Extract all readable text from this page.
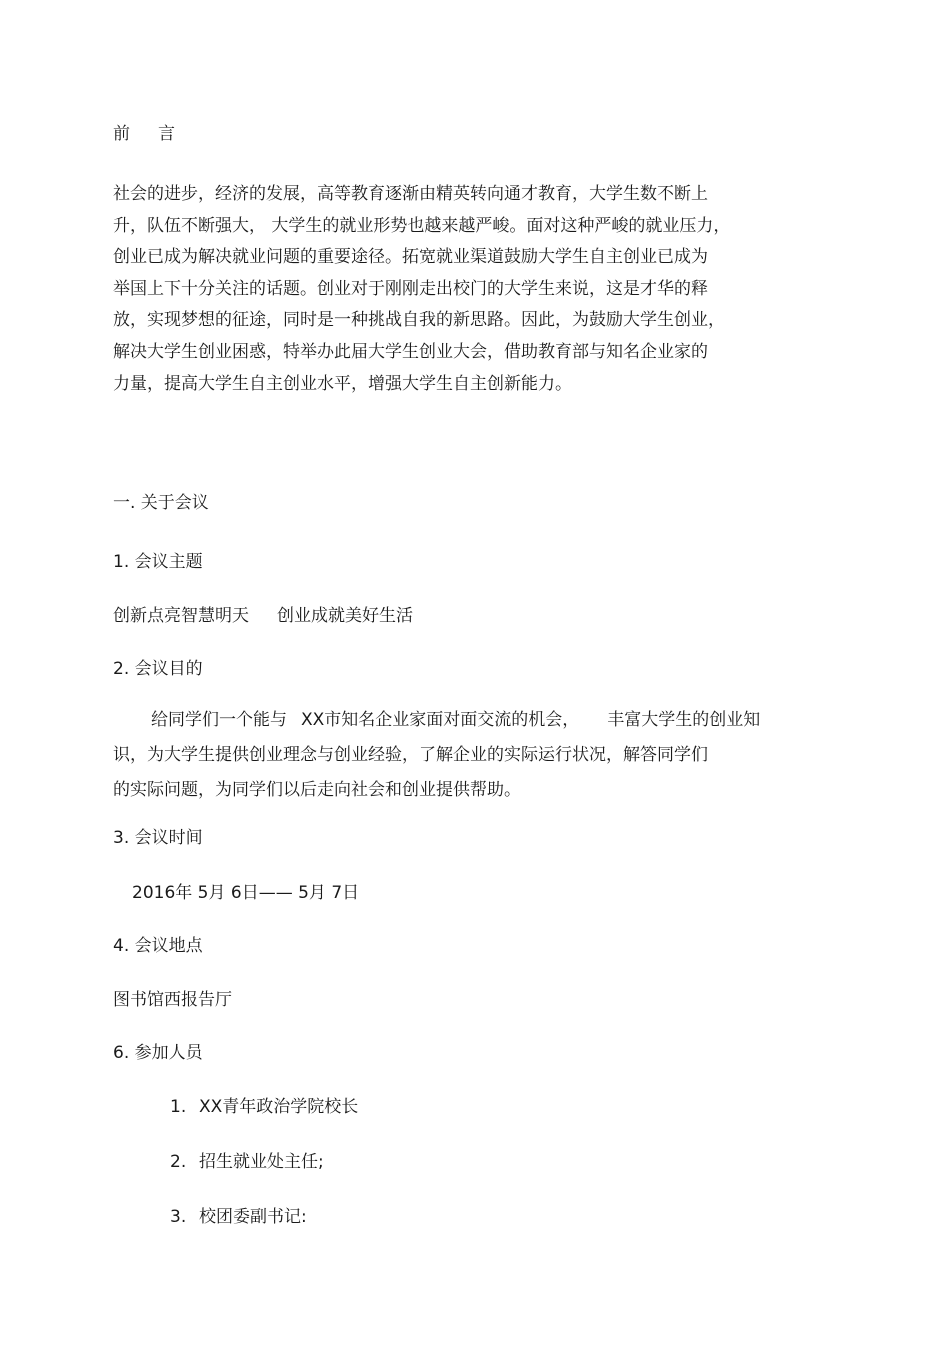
前 言
社会的进步，经济的发展，高等教育逐渐由精英转向通才教育，大学生数不断上
升，队伍不断强大， 大学生的就业形势也越来越严峻。面对这种严峻的就业压力，
创业已成为解决就业问题的重要途径。拓宽就业渠道鼓励大学生自主创业已成为
举国上下十分关注的话题。创业对于刚刚走出校门的大学生来说，这是才华的释
放，实现梦想的征途，同时是一种挑战自我的新思路。因此，为鼓励大学生创业，
解决大学生创业困惑，特举办此届大学生创业大会，借助教育部与知名企业家的
力量，提高大学生自主创业水平，增强大学生自主创新能力。
一. 关于会议
1. 会议主题
创新点亮智慧明天 创业成就美好生活
2. 会议目的
给同学们一个能与 XX市知名企业家面对面交流的机会， 丰富大学生的创业知
识，为大学生提供创业理念与创业经验，了解企业的实际运行状况，解答同学们
的实际问题，为同学们以后走向社会和创业提供帮助。
3. 会议时间
2016年 5月 6日—— 5月 7日
4. 会议地点
图书馆西报告厅
6. 参加人员
1. XX青年政治学院校长
2. 招生就业处主任;
3. 校团委副书记:
